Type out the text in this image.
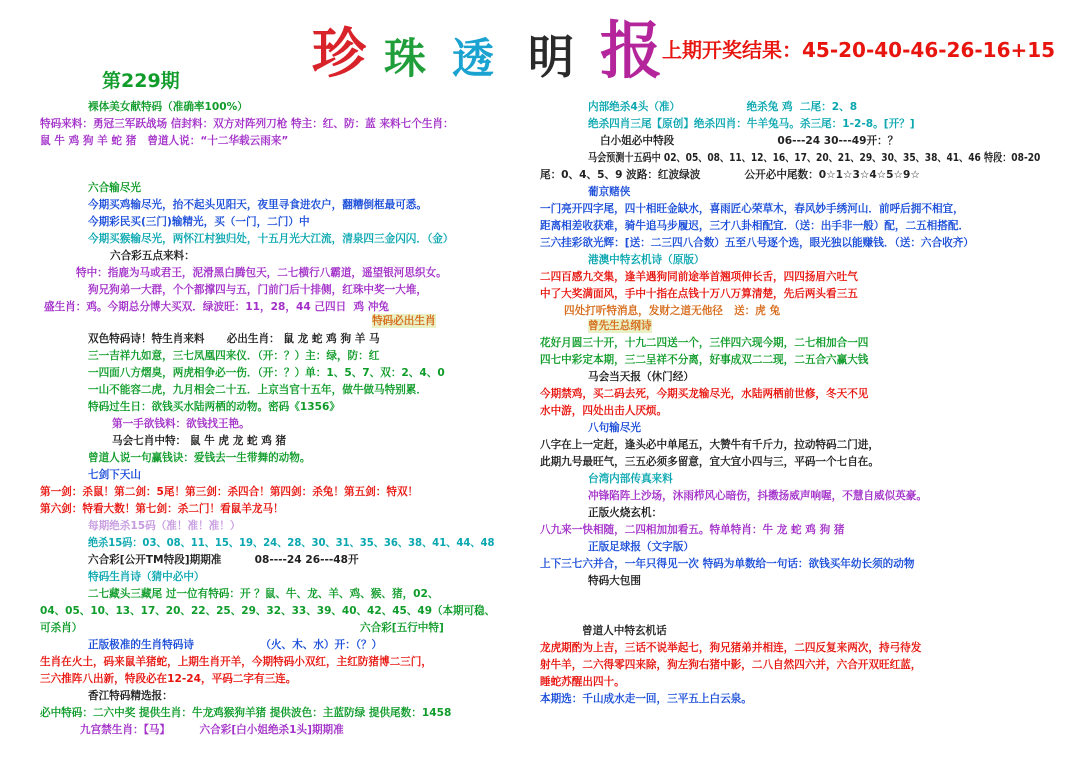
珍 珠 透 明 报 上期开奖结果：45-20-40-46-26-16+15
第229期
裸体美女献特码（准确率100%）
特码来料：勇冠三军跃战场 信封料：双方对阵列刀枪 特主：红、防：蓝 来料七个生肖：
鼠 牛 鸡 狗 羊 蛇 猪   曾道人说：“十二华载云雨来”
六合输尽光
今期买鸡输尽光，抬不起头见阳天，夜里寻食进农户，翻糟倒框最可悉。
今期彩民买(三门)输精光，买（一门，二门）中
今期买猴输尽光，两怀江村独归处，十五月光大江流，清泉四三金闪闪．（金）
六合彩五点来料：
特中：指鹿为马或君王，泥滑黑白腾包天，二七横行八霸道，遥望银河思织女。
狗兄狗弟一大群，个个都撑四与五，门前门后十排侧，红珠中奖一大堆，
盛生肖：鸡。今期总分博大买双．绿波旺：11，28，44 己四日  鸡 冲兔
特码必出生肖
双色特码诗！特生肖来料      必出生肖： 鼠 龙 蛇 鸡 狗 羊 马
三一吉祥九如意，三七凤凰四来仪．（开：？）主：绿，防：红
一四面八方熠臭，两虎相争必一伤．（开：？）单：1、5、7、双：2、4、0
一山不能容二虎，九月相会二十五．上京当官十五年，做牛做马特别累．
特码过生日：欲钱买水陆两栖的动物。密码《1356》
第一手欲钱料：欲钱找王艳。
马会七肖中特： 鼠 牛 虎 龙 蛇 鸡 猪
曾道人说一句赢钱诀：爱钱去一生带舞的动物。
七剑下天山
第一剑：杀鼠！第二剑：5尾！第三剑：杀四合！第四剑：杀兔！第五剑：特双！
第六剑：特看大数！第七剑：杀二门！看鼠羊龙马！
每期绝杀15码（准！准！准！）
绝杀15码：03、08、11、15、19、24、28、30、31、35、36、38、41、44、48
六合彩[公开TM特段]期期准         08----24 26---48开
特码生肖诗（猜中必中）
二七藏头三藏尾 过一位有特码：开 ？鼠、牛、龙、羊、鸡、猴、猪，02、
04、05、10、13、17、20、22、25、29、32、33、39、40、42、45、49（本期可稳、
可杀肖）	六合彩[五行中特]
正版极准的生肖特码诗                  （火、木、水）开：（？）
生肖在火土，码来鼠羊猪蛇，上期生肖开羊，今期特码小双红，主红防猪博二三门，
三六推阵八出新，特段必在12-24，平码二字有三连。
香江特码精选报：
必中特码：二六中奖 提供生肖：牛龙鸡猴狗羊猪 提供波色：主蓝防绿 提供尾数：1458
九宫禁生肖：【马】        六合彩[白小姐绝杀1头]期期准
内部绝杀4头（准）                  绝杀兔 鸡  二尾：2、8
绝杀四肖三尾【原创】绝杀四肖：牛羊兔马。杀三尾：1-2-8。[开？]
白小姐必中特段                            06---24 30---49开：？
马会预测十五码中 02、05、08、11、12、16、17、20、21、29、30、35、38、41、46 特段：08-20
尾：0、4、5、9 波路：红波绿波            公开必中尾数：0☆1☆3☆4☆5☆9☆
葡京赌侠
一门亮开四字尾，四十相旺金缺水，喜雨匠心荣草木，春风妙手绣河山．前呼后拥不相宜，
距离相差收获难，骑牛追马步履迟，三才八卦相配宜．（送：出手非一般）配，二五相搭配．
三六挂彩欲光辉：[送：二三四八合数）五至八号逐个选，眼光独以能赚钱．（送：六合收齐）
港澳中特玄机诗（原版）
二四百感九交集，逢羊遇狗同前途举首翘项伸长舌，四四扬眉六吐气
中了大奖满面风，手中十指在点钱十万八万算清楚，先后两头看三五
四处打听特消息，发财之道无他径   送：虎 兔
曾先生总纲诗
花好月圆三十开，十九二四送一个，三伴四六现今期，二七相加合一四
四七中彩定本期，三二呈祥不分离，好事成双二二现，二五合六赢大钱
马会当天报（休门经）
今期禁鸡，买二码去死，今期买龙输尽光，水陆两栖前世修，冬天不见
水中游，四处出击人厌烦。
八句输尽光
八字在上一定赶，逢头必中单尾五，大赞牛有千斤力，拉动特码二门进，
此期九号最旺气，三五必须多留意，宜大宜小四与三，平码一个七自在。
台湾内部传真来料
冲锋陷阵上沙场，沐雨栉风心暗伤，抖擞扬威声响喔，不慧自威似英豪。
正版火烧玄机：
八九来一快相随，二四相加加看五。特单特肖：牛 龙 蛇 鸡 狗 猪
正版足球报（文字版）
上下三七六并合，一年只得见一次 特码为单数给一句话：欲钱买年幼长须的动物
特码大包围
曾道人中特玄机话
龙虎期酌为上吉，三话不说举起七，狗兄猪弟并相连，二四反复来两次，持弓待发
射牛羊，二六得零四来除，狗左狗右猪中影，二八自然四六并，六合开双旺红蓝，
睡蛇苏醒出四十。
本期选：千山成水走一回，三平五上白云泉。
